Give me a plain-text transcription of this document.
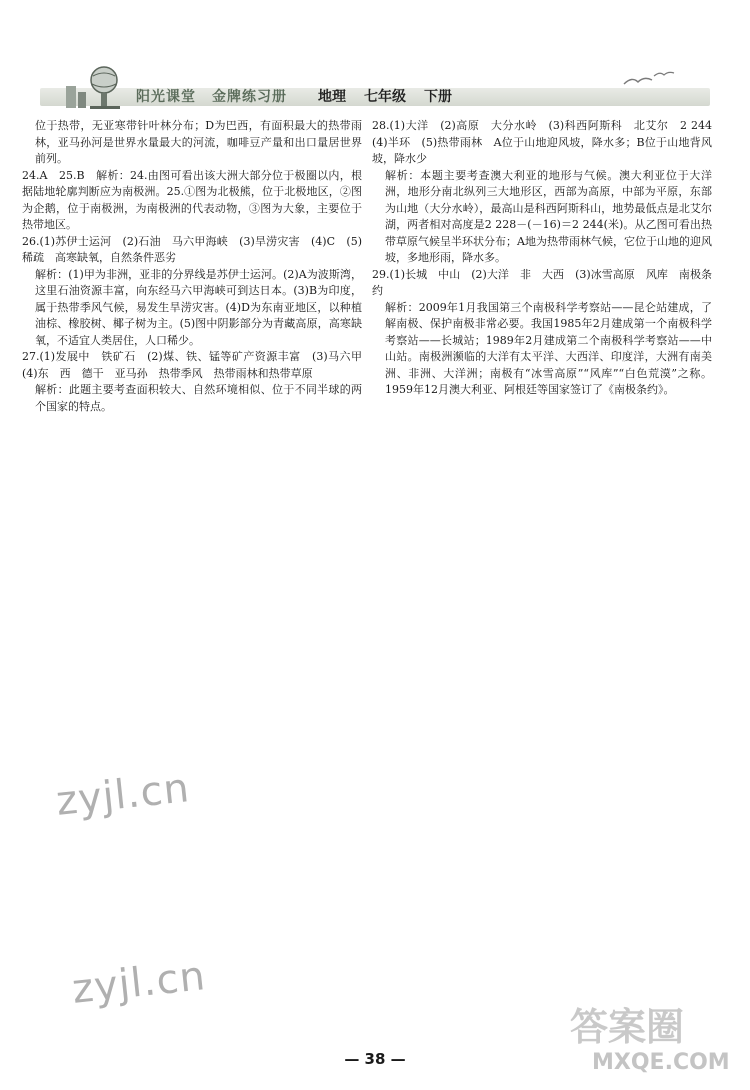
阳光课堂 金牌练习册 地理 七年级 下册

位于热带，无亚寒带针叶林分布；D为巴西，有面积最大的热带雨林，亚马孙河是世界水量最大的河流，咖啡豆产量和出口量居世界前列。

24.A　25.B　解析：24.由图可看出该大洲大部分位于极圈以内，根据陆地轮廓判断应为南极洲。25.①图为北极熊，位于北极地区，②图为企鹅，位于南极洲，为南极洲的代表动物，③图为大象，主要位于热带地区。

26.(1)苏伊士运河　(2)石油　马六甲海峡　(3)旱涝灾害　(4)C　(5)稀疏　高寒缺氧，自然条件恶劣

解析：(1)甲为非洲，亚非的分界线是苏伊士运河。(2)A为波斯湾，这里石油资源丰富，向东经马六甲海峡可到达日本。(3)B为印度，属于热带季风气候，易发生旱涝灾害。(4)D为东南亚地区，以种植油棕、橡胶树、椰子树为主。(5)图中阴影部分为青藏高原，高寒缺氧，不适宜人类居住，人口稀少。

27.(1)发展中　铁矿石　(2)煤、铁、锰等矿产资源丰富　(3)马六甲　(4)东　西　德干　亚马孙　热带季风　热带雨林和热带草原

解析：此题主要考查面积较大、自然环境相似、位于不同半球的两个国家的特点。

28.(1)大洋　(2)高原　大分水岭　(3)科西阿斯科　北艾尔　2 244　(4)半环　(5)热带雨林　A位于山地迎风坡，降水多；B位于山地背风坡，降水少

解析：本题主要考查澳大利亚的地形与气候。澳大利亚位于大洋洲，地形分南北纵列三大地形区，西部为高原，中部为平原，东部为山地（大分水岭），最高山是科西阿斯科山，地势最低点是北艾尔湖，两者相对高度是2 228－(－16)＝2 244(米)。从乙图可看出热带草原气候呈半环状分布；A地为热带雨林气候，它位于山地的迎风坡，多地形雨，降水多。

29.(1)长城　中山　(2)大洋　非　大西　(3)冰雪高原　风库　南极条约

解析：2009年1月我国第三个南极科学考察站——昆仑站建成，了解南极、保护南极非常必要。我国1985年2月建成第一个南极科学考察站——长城站；1989年2月建成第二个南极科学考察站——中山站。南极洲濒临的大洋有太平洋、大西洋、印度洋，大洲有南美洲、非洲、大洋洲；南极有“冰雪高原”“风库”“白色荒漠”之称。1959年12月澳大利亚、阿根廷等国家签订了《南极条约》。

zyjl.cn
zyjl.cn
答案圈
MXQE.COM
— 38 —
